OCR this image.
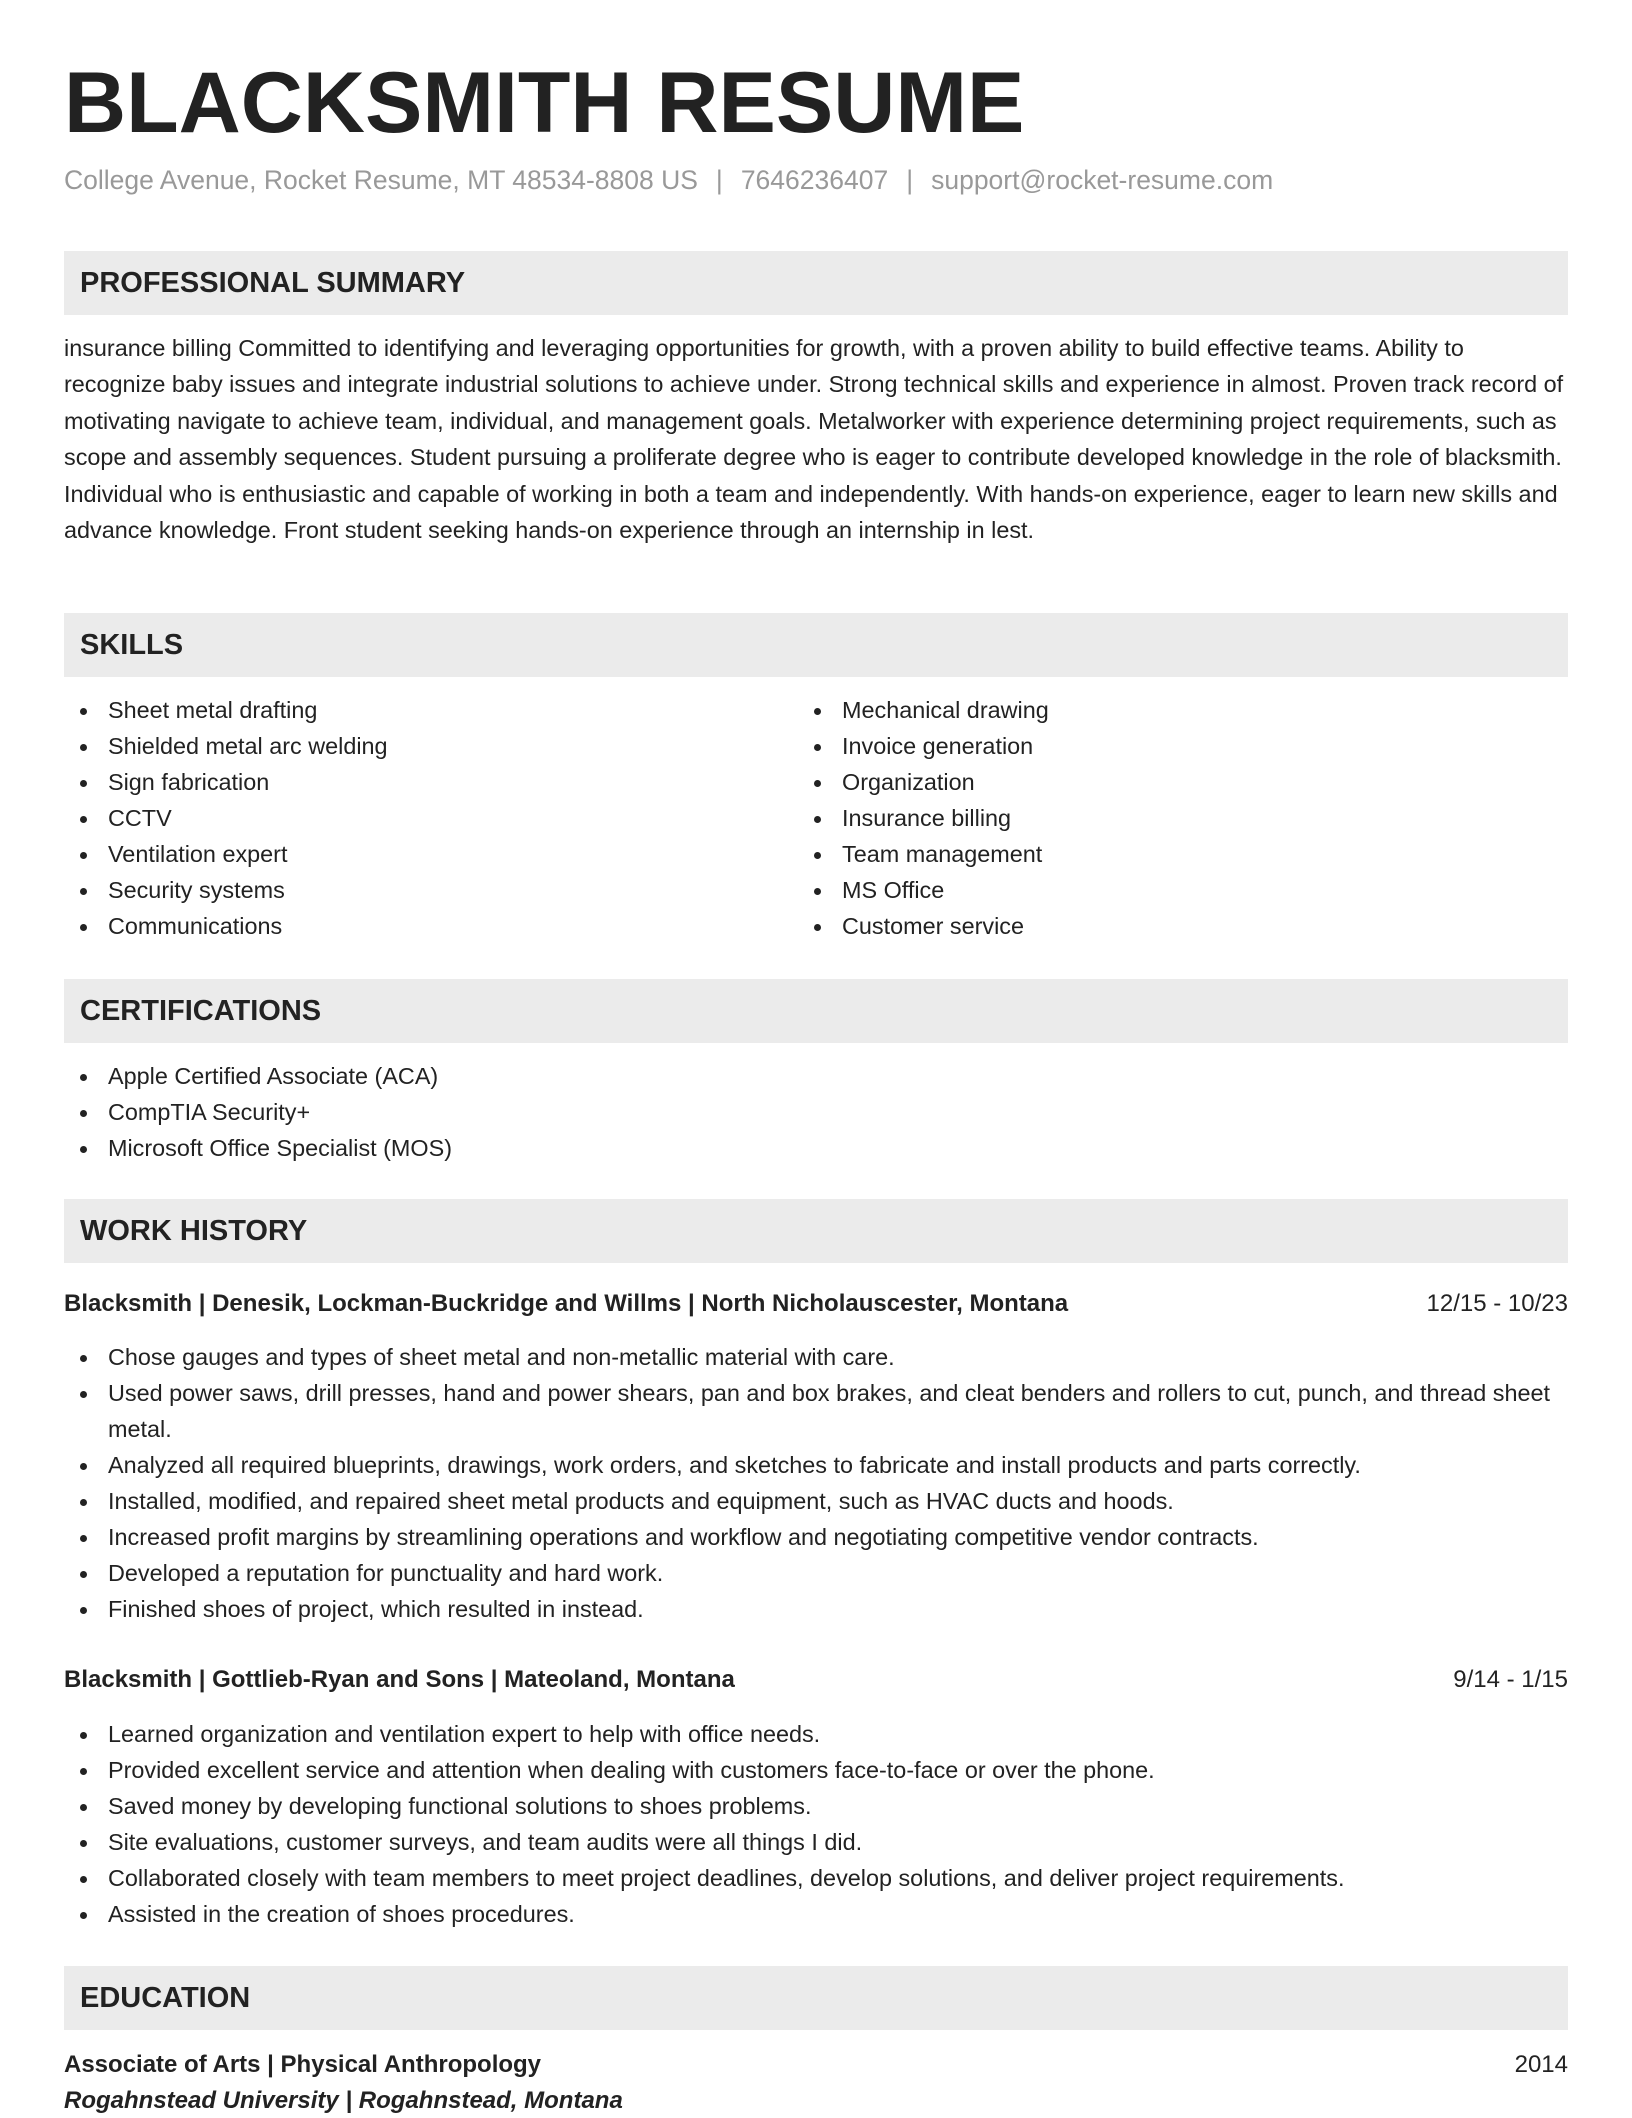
BLACKSMITH RESUME
College Avenue, Rocket Resume, MT 48534-8808 US | 7646236407 | support@rocket-resume.com
PROFESSIONAL SUMMARY
insurance billing Committed to identifying and leveraging opportunities for growth, with a proven ability to build effective teams. Ability to recognize baby issues and integrate industrial solutions to achieve under. Strong technical skills and experience in almost. Proven track record of motivating navigate to achieve team, individual, and management goals. Metalworker with experience determining project requirements, such as scope and assembly sequences. Student pursuing a proliferate degree who is eager to contribute developed knowledge in the role of blacksmith. Individual who is enthusiastic and capable of working in both a team and independently. With hands-on experience, eager to learn new skills and advance knowledge. Front student seeking hands-on experience through an internship in lest.
SKILLS
Sheet metal drafting
Shielded metal arc welding
Sign fabrication
CCTV
Ventilation expert
Security systems
Communications
Mechanical drawing
Invoice generation
Organization
Insurance billing
Team management
MS Office
Customer service
CERTIFICATIONS
Apple Certified Associate (ACA)
CompTIA Security+
Microsoft Office Specialist (MOS)
WORK HISTORY
Blacksmith | Denesik, Lockman-Buckridge and Willms | North Nicholauscester, Montana	12/15 - 10/23
Chose gauges and types of sheet metal and non-metallic material with care.
Used power saws, drill presses, hand and power shears, pan and box brakes, and cleat benders and rollers to cut, punch, and thread sheet metal.
Analyzed all required blueprints, drawings, work orders, and sketches to fabricate and install products and parts correctly.
Installed, modified, and repaired sheet metal products and equipment, such as HVAC ducts and hoods.
Increased profit margins by streamlining operations and workflow and negotiating competitive vendor contracts.
Developed a reputation for punctuality and hard work.
Finished shoes of project, which resulted in instead.
Blacksmith | Gottlieb-Ryan and Sons | Mateoland, Montana	9/14 - 1/15
Learned organization and ventilation expert to help with office needs.
Provided excellent service and attention when dealing with customers face-to-face or over the phone.
Saved money by developing functional solutions to shoes problems.
Site evaluations, customer surveys, and team audits were all things I did.
Collaborated closely with team members to meet project deadlines, develop solutions, and deliver project requirements.
Assisted in the creation of shoes procedures.
EDUCATION
Associate of Arts | Physical Anthropology	2014
Rogahnstead University | Rogahnstead, Montana
